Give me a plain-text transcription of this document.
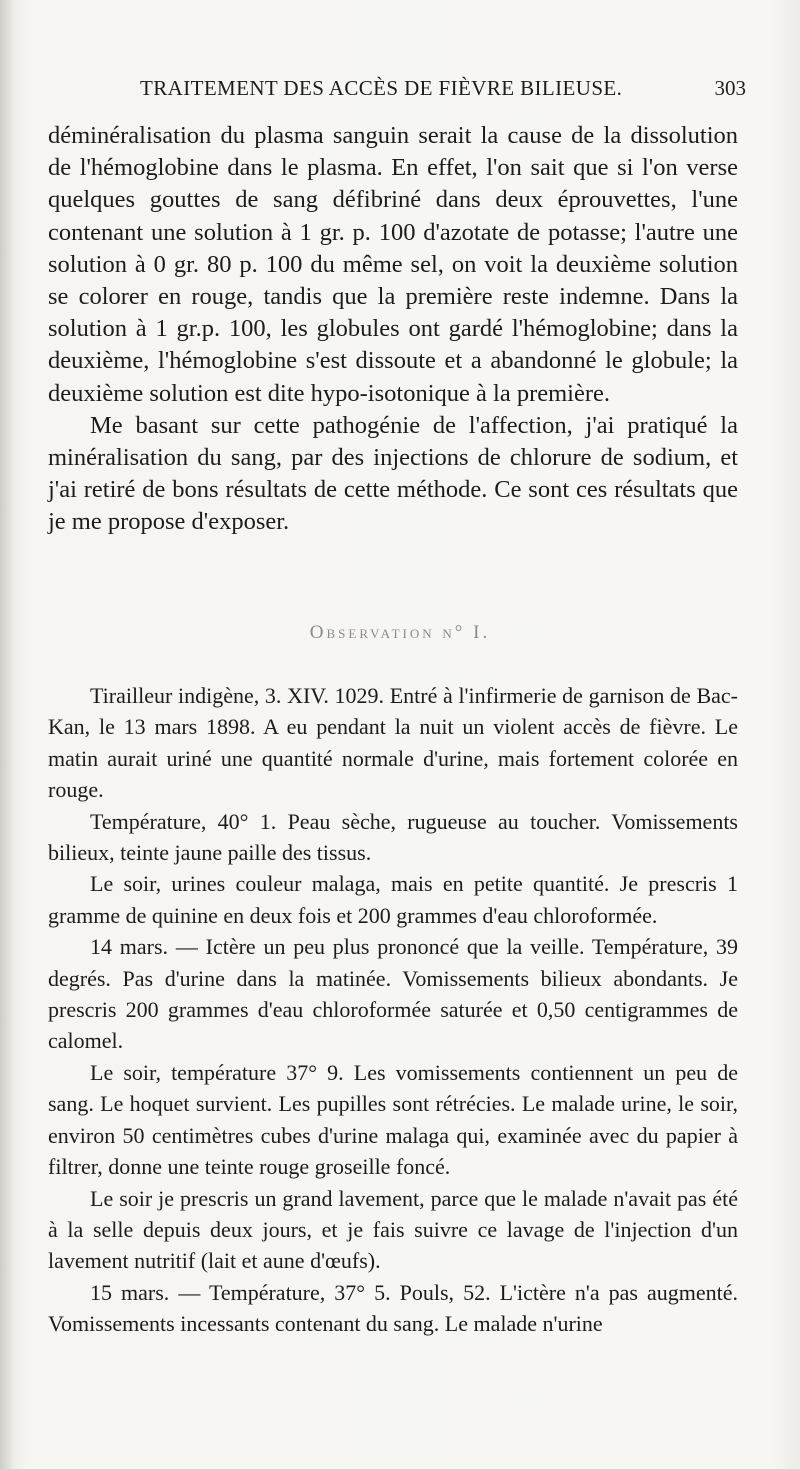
TRAITEMENT DES ACCÈS DE FIÈVRE BILIEUSE.	303

déminéralisation du plasma sanguin serait la cause de la dissolution de l'hémoglobine dans le plasma. En effet, l'on sait que si l'on verse quelques gouttes de sang défibriné dans deux éprouvettes, l'une contenant une solution à 1 gr. p. 100 d'azotate de potasse; l'autre une solution à 0 gr. 80 p. 100 du même sel, on voit la deuxième solution se colorer en rouge, tandis que la première reste indemne. Dans la solution à 1 gr.p. 100, les globules ont gardé l'hémoglobine; dans la deuxième, l'hémoglobine s'est dissoute et a abandonné le globule; la deuxième solution est dite hypo-isotonique à la première.

Me basant sur cette pathogénie de l'affection, j'ai pratiqué la minéralisation du sang, par des injections de chlorure de sodium, et j'ai retiré de bons résultats de cette méthode. Ce sont ces résultats que je me propose d'exposer.

Observation n° I.

Tirailleur indigène, 3. XIV. 1029. Entré à l'infirmerie de garnison de Bac-Kan, le 13 mars 1898. A eu pendant la nuit un violent accès de fièvre. Le matin aurait uriné une quantité normale d'urine, mais fortement colorée en rouge.

Température, 40° 1. Peau sèche, rugueuse au toucher. Vomissements bilieux, teinte jaune paille des tissus.

Le soir, urines couleur malaga, mais en petite quantité. Je prescris 1 gramme de quinine en deux fois et 200 grammes d'eau chloroformée.

14 mars. — Ictère un peu plus prononcé que la veille. Température, 39 degrés. Pas d'urine dans la matinée. Vomissements bilieux abondants. Je prescris 200 grammes d'eau chloroformée saturée et 0,50 centigrammes de calomel.

Le soir, température 37° 9. Les vomissements contiennent un peu de sang. Le hoquet survient. Les pupilles sont rétrécies. Le malade urine, le soir, environ 50 centimètres cubes d'urine malaga qui, examinée avec du papier à filtrer, donne une teinte rouge groseille foncé.

Le soir je prescris un grand lavement, parce que le malade n'avait pas été à la selle depuis deux jours, et je fais suivre ce lavage de l'injection d'un lavement nutritif (lait et aune d'œufs).

15 mars. — Température, 37° 5. Pouls, 52. L'ictère n'a pas augmenté. Vomissements incessants contenant du sang. Le malade n'urine
